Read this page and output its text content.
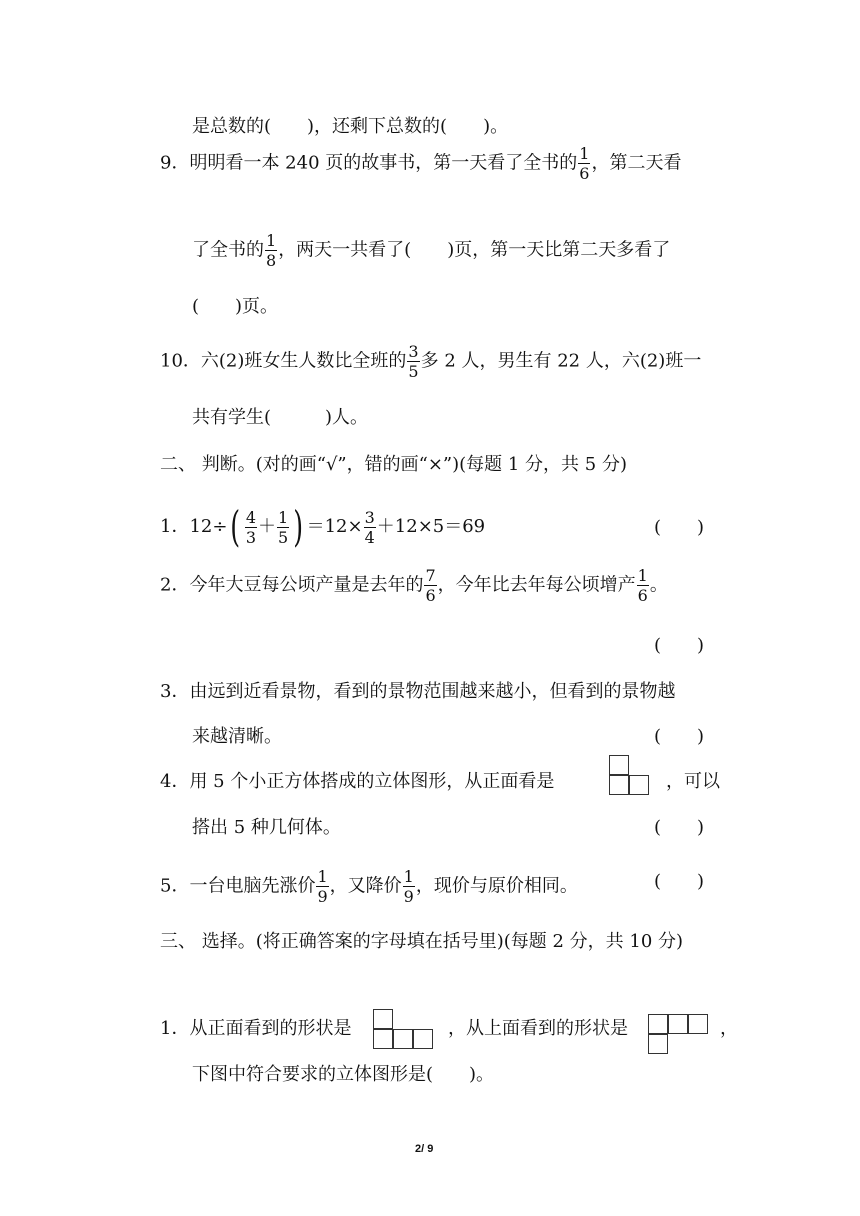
是总数的(　　)，还剩下总数的(　　)。
9．明明看一本 240 页的故事书，第一天看了全书的 $\frac{1}{6}$ ，第二天看
了全书的 $\frac{1}{8}$ ，两天一共看了(　　)页，第一天比第二天多看了
(　　)页。
10．六(2)班女生人数比全班的 $\frac{3}{5}$ 多 2 人，男生有 22 人，六(2)班一
共有学生(　　　)人。
二、 判断。(对的画“√”，错的画“×”)(每题 1 分，共 5 分)
1．$12\div( \frac{4}{3} + \frac{1}{5}$ ) $=12\times \frac{3}{4} +12\times 5=69$	(　　)
2．今年大豆每公顷产量是去年的 $\frac{7}{6}$ ，今年比去年每公顷增产 $\frac{1}{6}$ 。
(　　)
3．由远到近看景物，看到的景物范围越来越小，但看到的景物越
来越清晰。	(　　)
4．用 5 个小正方体搭成的立体图形，从正面看是	，可以
搭出 5 种几何体。	(　　)
5．一台电脑先涨价 $\frac{1}{9}$ ，又降价 $\frac{1}{9}$ ，现价与原价相同。	(　　)
三、 选择。(将正确答案的字母填在括号里)(每题 2 分，共 10 分)
1．从正面看到的形状是	，从上面看到的形状是	，
下图中符合要求的立体图形是(　　)。
2/ 9
